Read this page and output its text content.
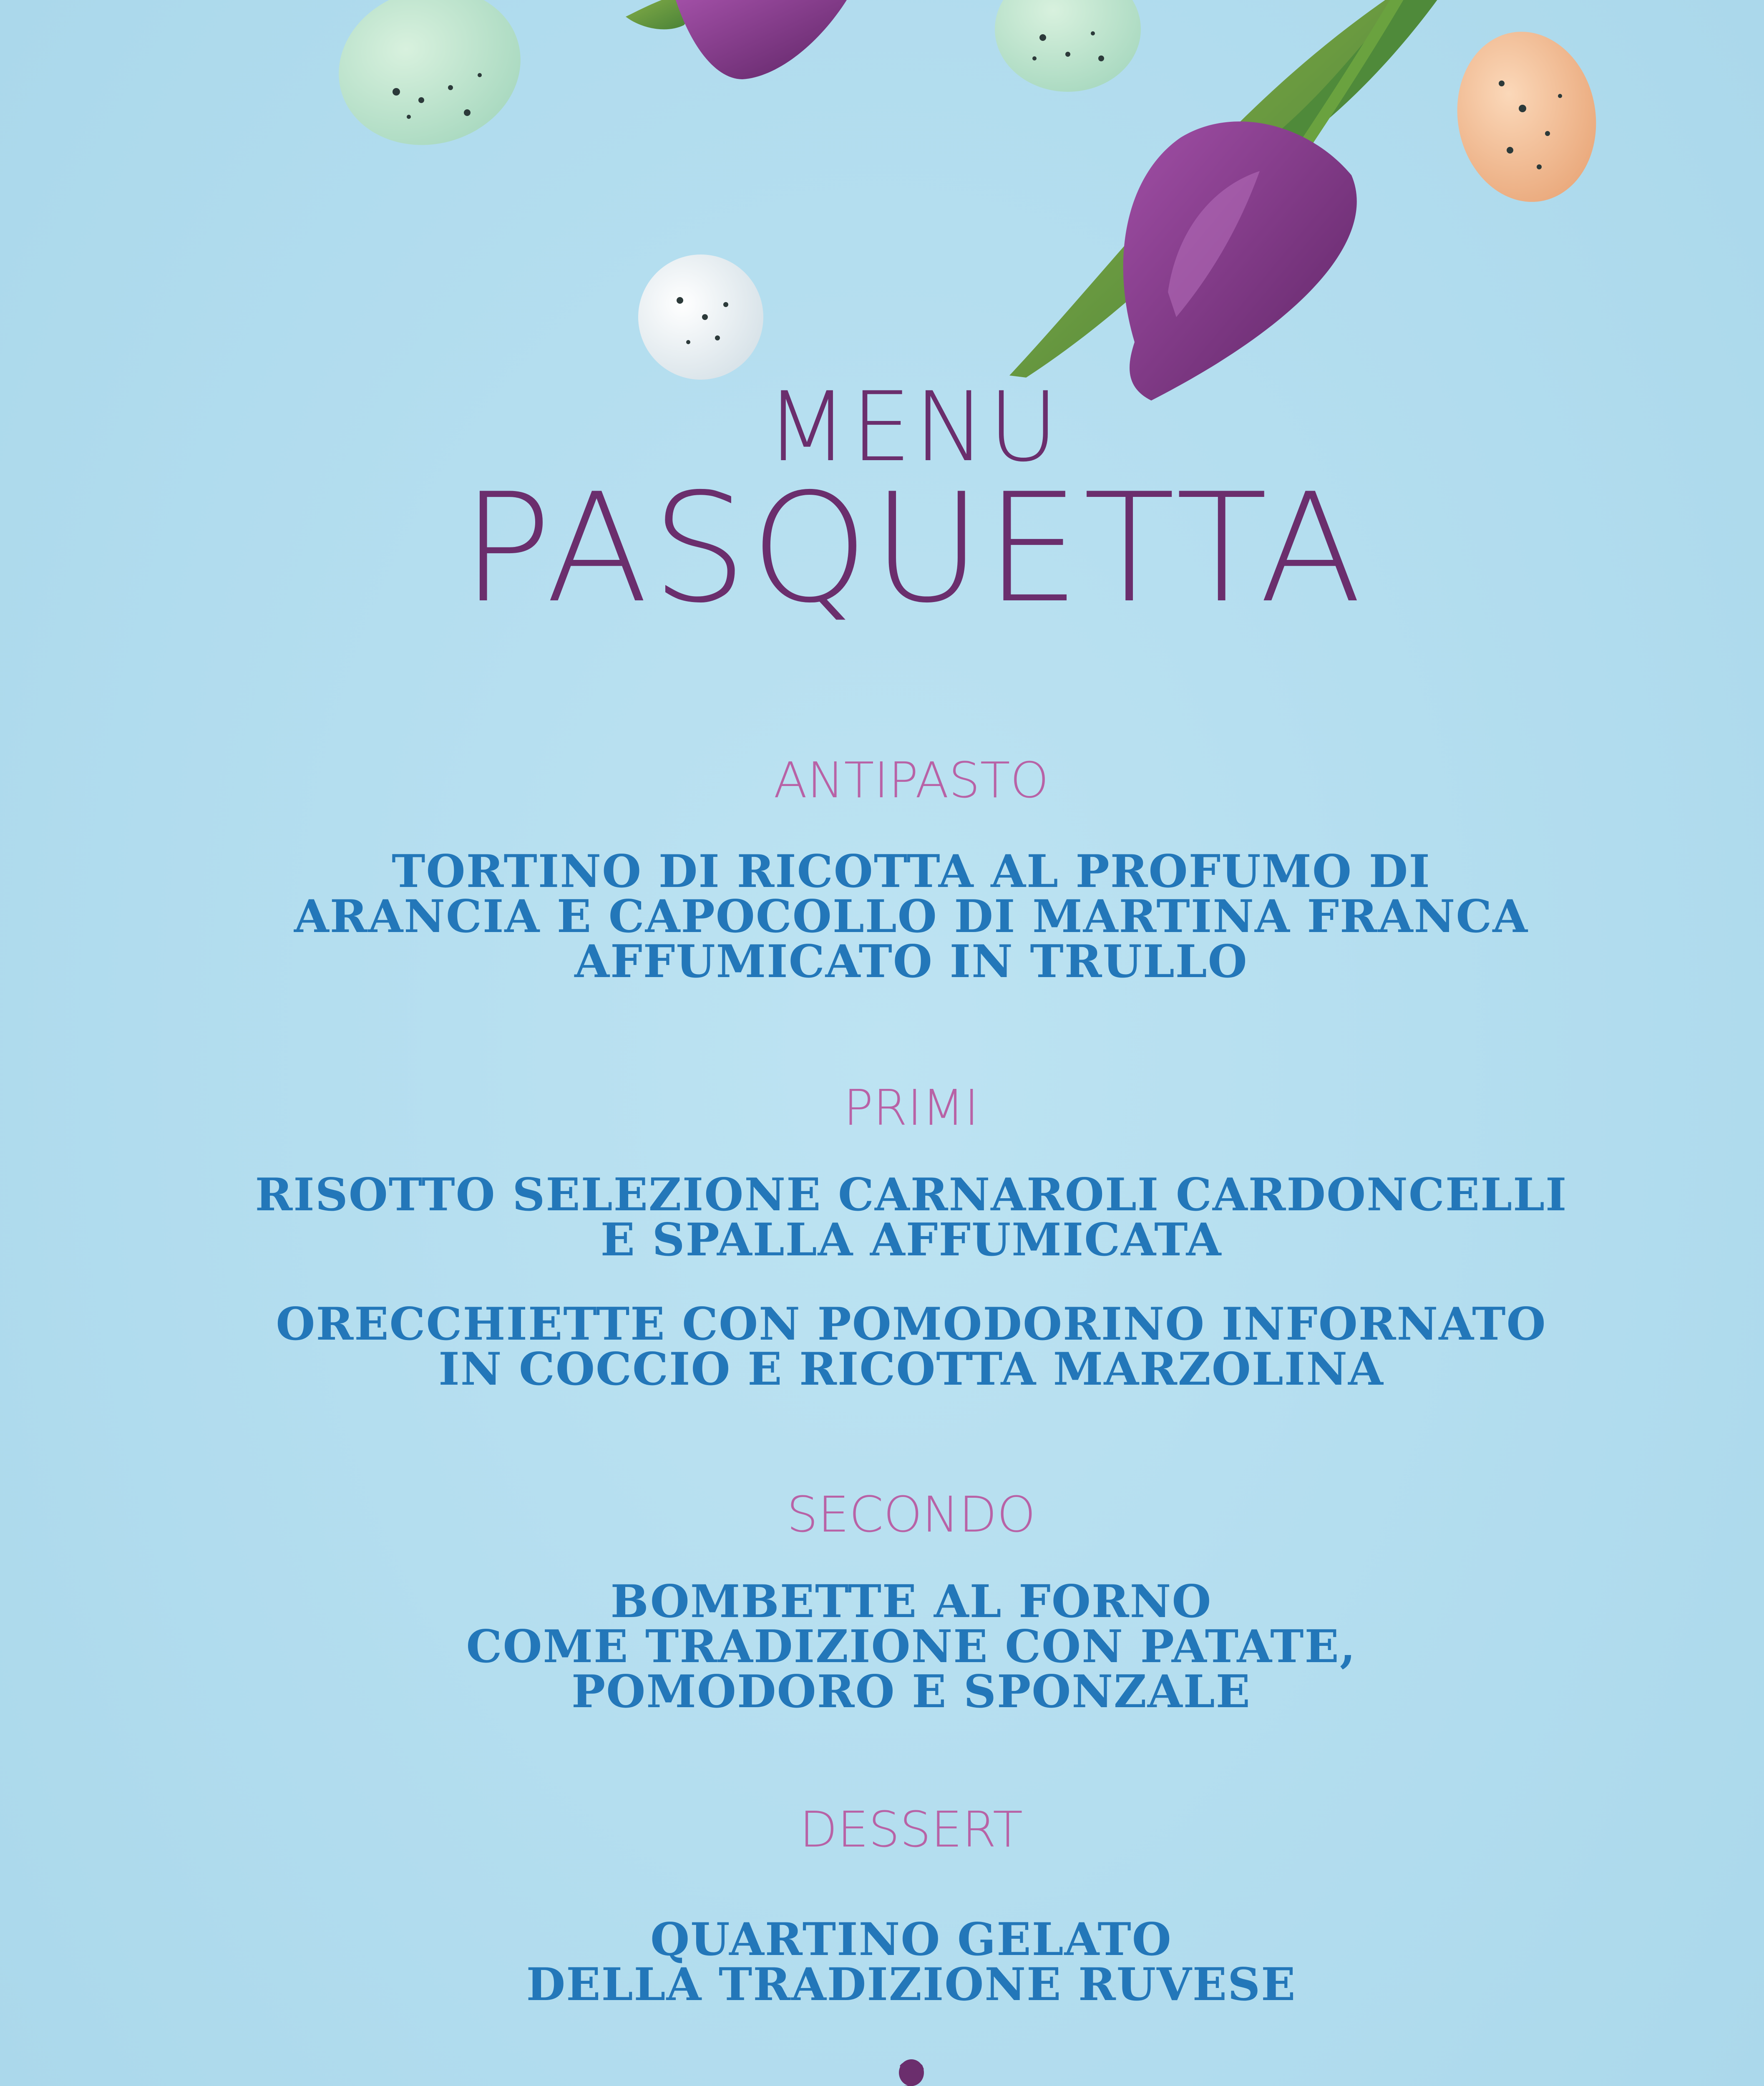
MENU
PASQUETTA
ANTIPASTO
TORTINO DI RICOTTA AL PROFUMO DI
ARANCIA E CAPOCOLLO DI MARTINA FRANCA
AFFUMICATO IN TRULLO
PRIMI
RISOTTO SELEZIONE CARNAROLI CARDONCELLI
E SPALLA AFFUMICATA
ORECCHIETTE CON POMODORINO INFORNATO
IN COCCIO E RICOTTA MARZOLINA
SECONDO
BOMBETTE AL FORNO
COME TRADIZIONE CON PATATE,
POMODORO E SPONZALE
DESSERT
QUARTINO GELATO
DELLA TRADIZIONE RUVESE
